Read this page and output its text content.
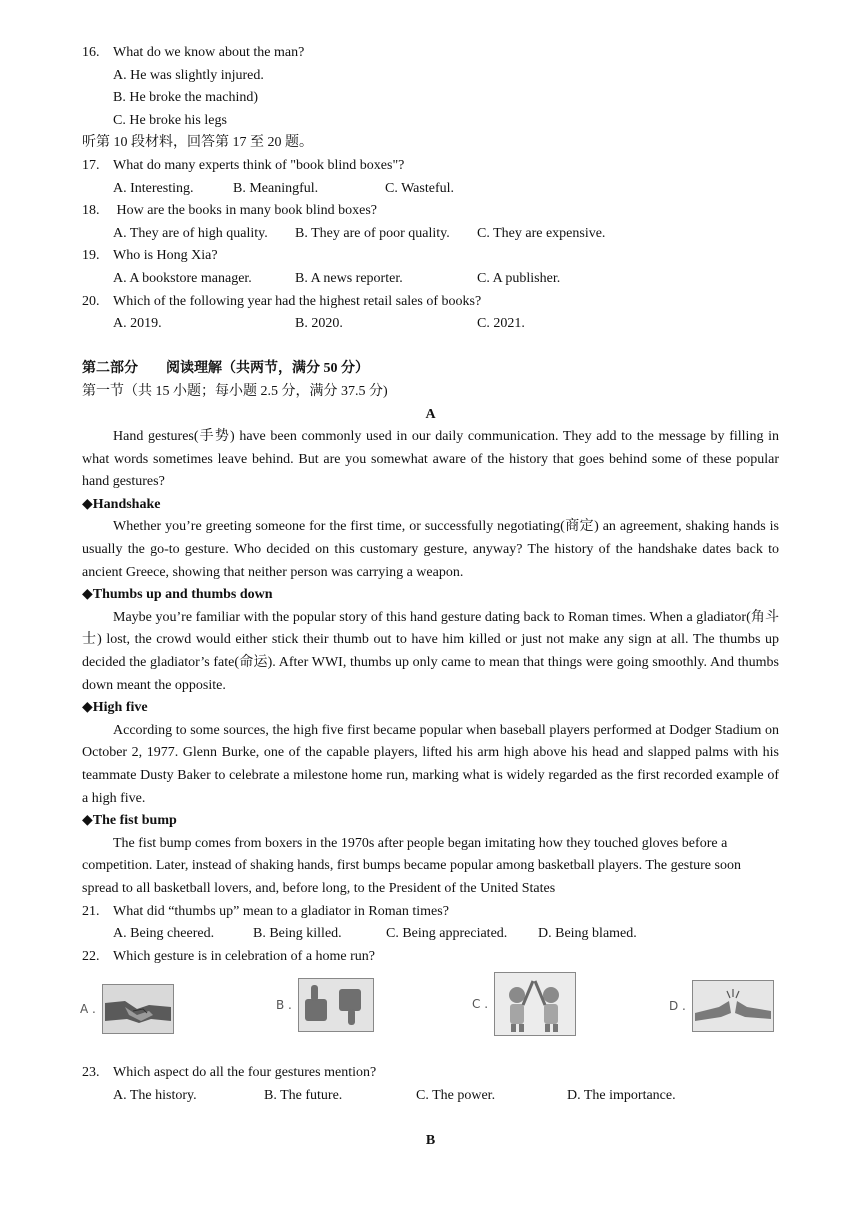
16. What do we know about the man?
A. He was slightly injured.
B. He broke the machind)
C. He broke his legs
听第 10 段材料，回答第 17 至 20 题。
17. What do many experts think of "book blind boxes"?
A. Interesting.	B. Meaningful.	C. Wasteful.
18. How are the books in many book blind boxes?
A. They are of high quality.	B. They are of poor quality.	C. They are expensive.
19. Who is Hong Xia?
A. A bookstore manager.	B. A news reporter.	C. A publisher.
20. Which of the following year had the highest retail sales of books?
A. 2019.	B. 2020.	C. 2021.
第二部分　　阅读理解（共两节，满分 50 分）
第一节（共 15 小题；每小题 2.5 分，满分 37.5 分)
A

Hand gestures(手势) have been commonly used in our daily communication. They add to the message by filling in what words sometimes leave behind. But are you somewhat aware of the history that goes behind some of these popular hand gestures?

◆Handshake

Whether you’re greeting someone for the first time, or successfully negotiating(商定) an agreement, shaking hands is usually the go-to gesture. Who decided on this customary gesture, anyway? The history of the handshake dates back to ancient Greece, showing that neither person was carrying a weapon.

◆Thumbs up and thumbs down

Maybe you’re familiar with the popular story of this hand gesture dating back to Roman times. When a gladiator(角斗士) lost, the crowd would either stick their thumb out to have him killed or just not make any sign at all. The thumbs up decided the gladiator’s fate(命运). After WWI, thumbs up only came to mean that things were going smoothly. And thumbs down meant the opposite.

◆High five

According to some sources, the high five first became popular when baseball players performed at Dodger Stadium on October 2, 1977. Glenn Burke, one of the capable players, lifted his arm high above his head and slapped palms with his teammate Dusty Baker to celebrate a milestone home run, marking what is widely regarded as the first recorded example of a high five.

◆The fist bump

The fist bump comes from boxers in the 1970s after people began imitating how they touched gloves before a competition. Later, instead of shaking hands, first bumps became popular among basketball players. The gesture soon spread to all basketball lovers, and, before long, to the President of the United States

21. What did “thumbs up” mean to a gladiator in Roman times?
A. Being cheered.	B. Being killed.	C. Being appreciated.	D. Being blamed.
22. Which gesture is in celebration of a home run?
A .	B .	C .	D .
23. Which aspect do all the four gestures mention?
A. The history.	B. The future.	C. The power.	D. The importance.
B
